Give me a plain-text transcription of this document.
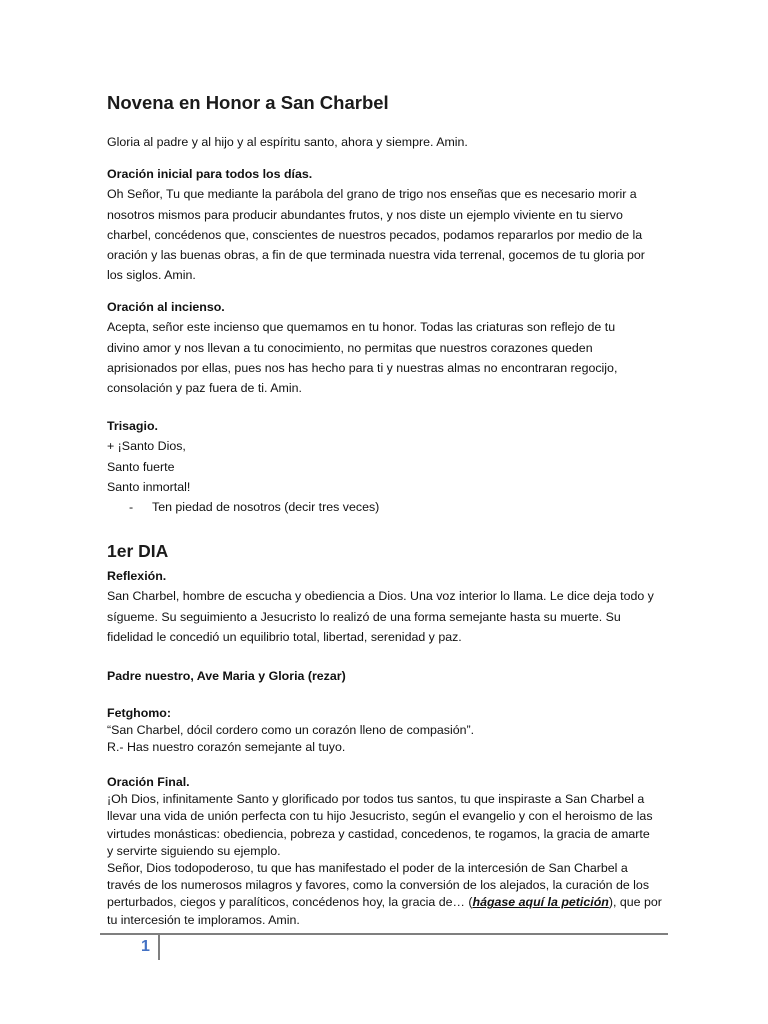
Novena en Honor a San Charbel
Gloria al padre y al hijo y al espíritu santo, ahora y siempre. Amin.
Oración inicial para todos los días.
Oh Señor, Tu que mediante la parábola del grano de trigo nos enseñas que es necesario morir a
nosotros mismos para producir abundantes frutos, y nos diste un ejemplo viviente en tu siervo
charbel, concédenos que, conscientes de nuestros pecados, podamos repararlos por medio de la
oración y las buenas obras, a fin de que terminada nuestra vida terrenal, gocemos de tu gloria por
los siglos. Amin.
Oración al incienso.
Acepta, señor este incienso que quemamos en tu honor. Todas las criaturas son reflejo de tu
divino amor y nos llevan a tu conocimiento, no permitas que nuestros corazones queden
aprisionados por ellas, pues nos has hecho para ti y nuestras almas no encontraran regocijo,
consolación y paz fuera de ti. Amin.
Trisagio.
+ ¡Santo Dios,
Santo fuerte
Santo inmortal!
- Ten piedad de nosotros (decir tres veces)
1er DIA
Reflexión.
San Charbel, hombre de escucha y obediencia a Dios. Una voz interior lo llama. Le dice deja todo y
sígueme. Su seguimiento a Jesucristo lo realizó de una forma semejante hasta su muerte. Su
fidelidad le concedió un equilibrio total, libertad, serenidad y paz.
Padre nuestro, Ave Maria y Gloria (rezar)
Fetghomo:
“San Charbel, dócil cordero como un corazón lleno de compasión”.
R.- Has nuestro corazón semejante al tuyo.
Oración Final.
¡Oh Dios, infinitamente Santo y glorificado por todos tus santos, tu que inspiraste a San Charbel a
llevar una vida de unión perfecta con tu hijo Jesucristo, según el evangelio y con el heroismo de las
virtudes monásticas: obediencia, pobreza y castidad, concedenos, te rogamos, la gracia de amarte
y servirte siguiendo su ejemplo.
Señor, Dios todopoderoso, tu que has manifestado el poder de la intercesión de San Charbel a
través de los numerosos milagros y favores, como la conversión de los alejados, la curación de los
perturbados, ciegos y paralíticos, concédenos hoy, la gracia de… (hágase aquí la petición), que por
tu intercesión te imploramos. Amin.
1
